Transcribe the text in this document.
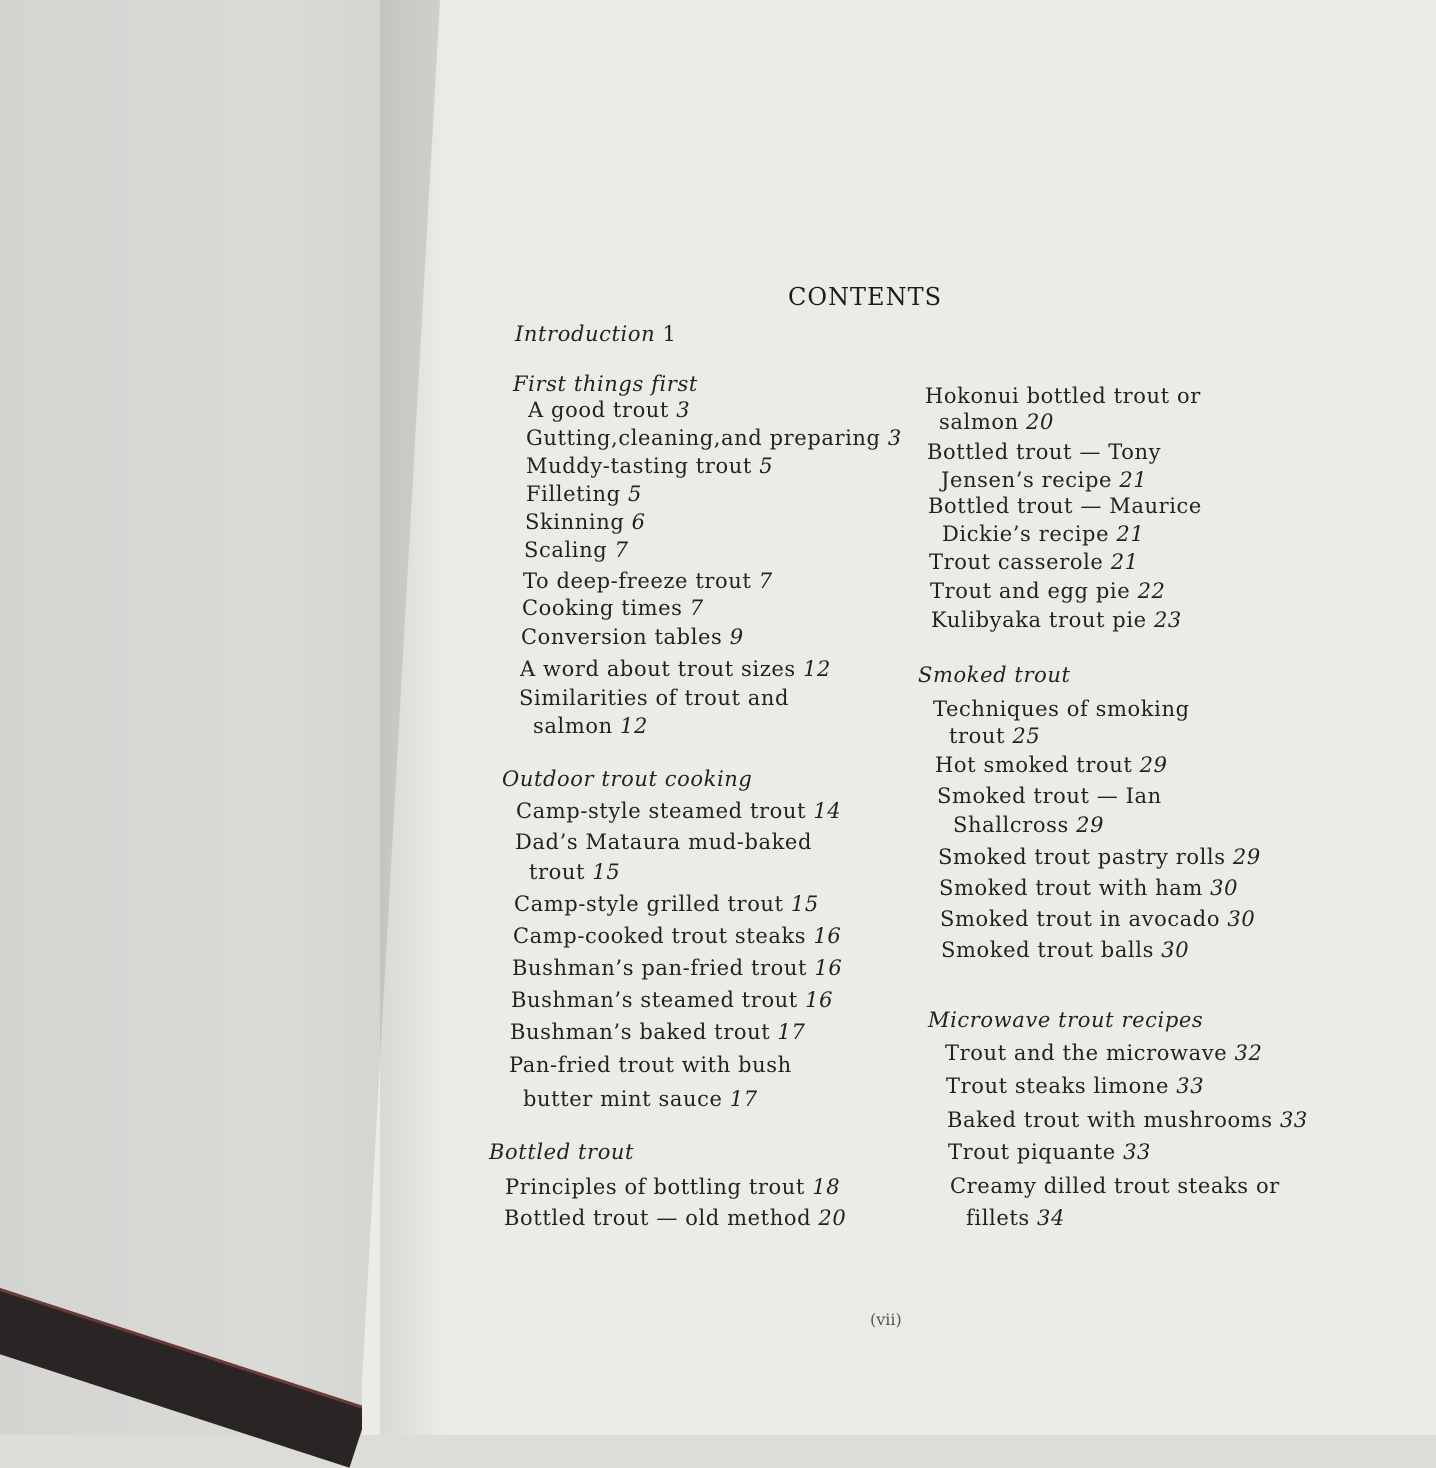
CONTENTS
Introduction 1
First things first
A good trout 3
Gutting,cleaning,and preparing 3
Muddy-tasting trout 5
Filleting 5
Skinning 6
Scaling 7
To deep-freeze trout 7
Cooking times 7
Conversion tables 9
A word about trout sizes 12
Similarities of trout and
salmon 12
Outdoor trout cooking
Camp-style steamed trout 14
Dad’s Mataura mud-baked
trout 15
Camp-style grilled trout 15
Camp-cooked trout steaks 16
Bushman’s pan-fried trout 16
Bushman’s steamed trout 16
Bushman’s baked trout 17
Pan-fried trout with bush
butter mint sauce 17
Bottled trout
Principles of bottling trout 18
Bottled trout — old method 20
Hokonui bottled trout or
salmon 20
Bottled trout — Tony
Jensen’s recipe 21
Bottled trout — Maurice
Dickie’s recipe 21
Trout casserole 21
Trout and egg pie 22
Kulibyaka trout pie 23
Smoked trout
Techniques of smoking
trout 25
Hot smoked trout 29
Smoked trout — Ian
Shallcross 29
Smoked trout pastry rolls 29
Smoked trout with ham 30
Smoked trout in avocado 30
Smoked trout balls 30
Microwave trout recipes
Trout and the microwave 32
Trout steaks limone 33
Baked trout with mushrooms 33
Trout piquante 33
Creamy dilled trout steaks or
fillets 34
(vii)
